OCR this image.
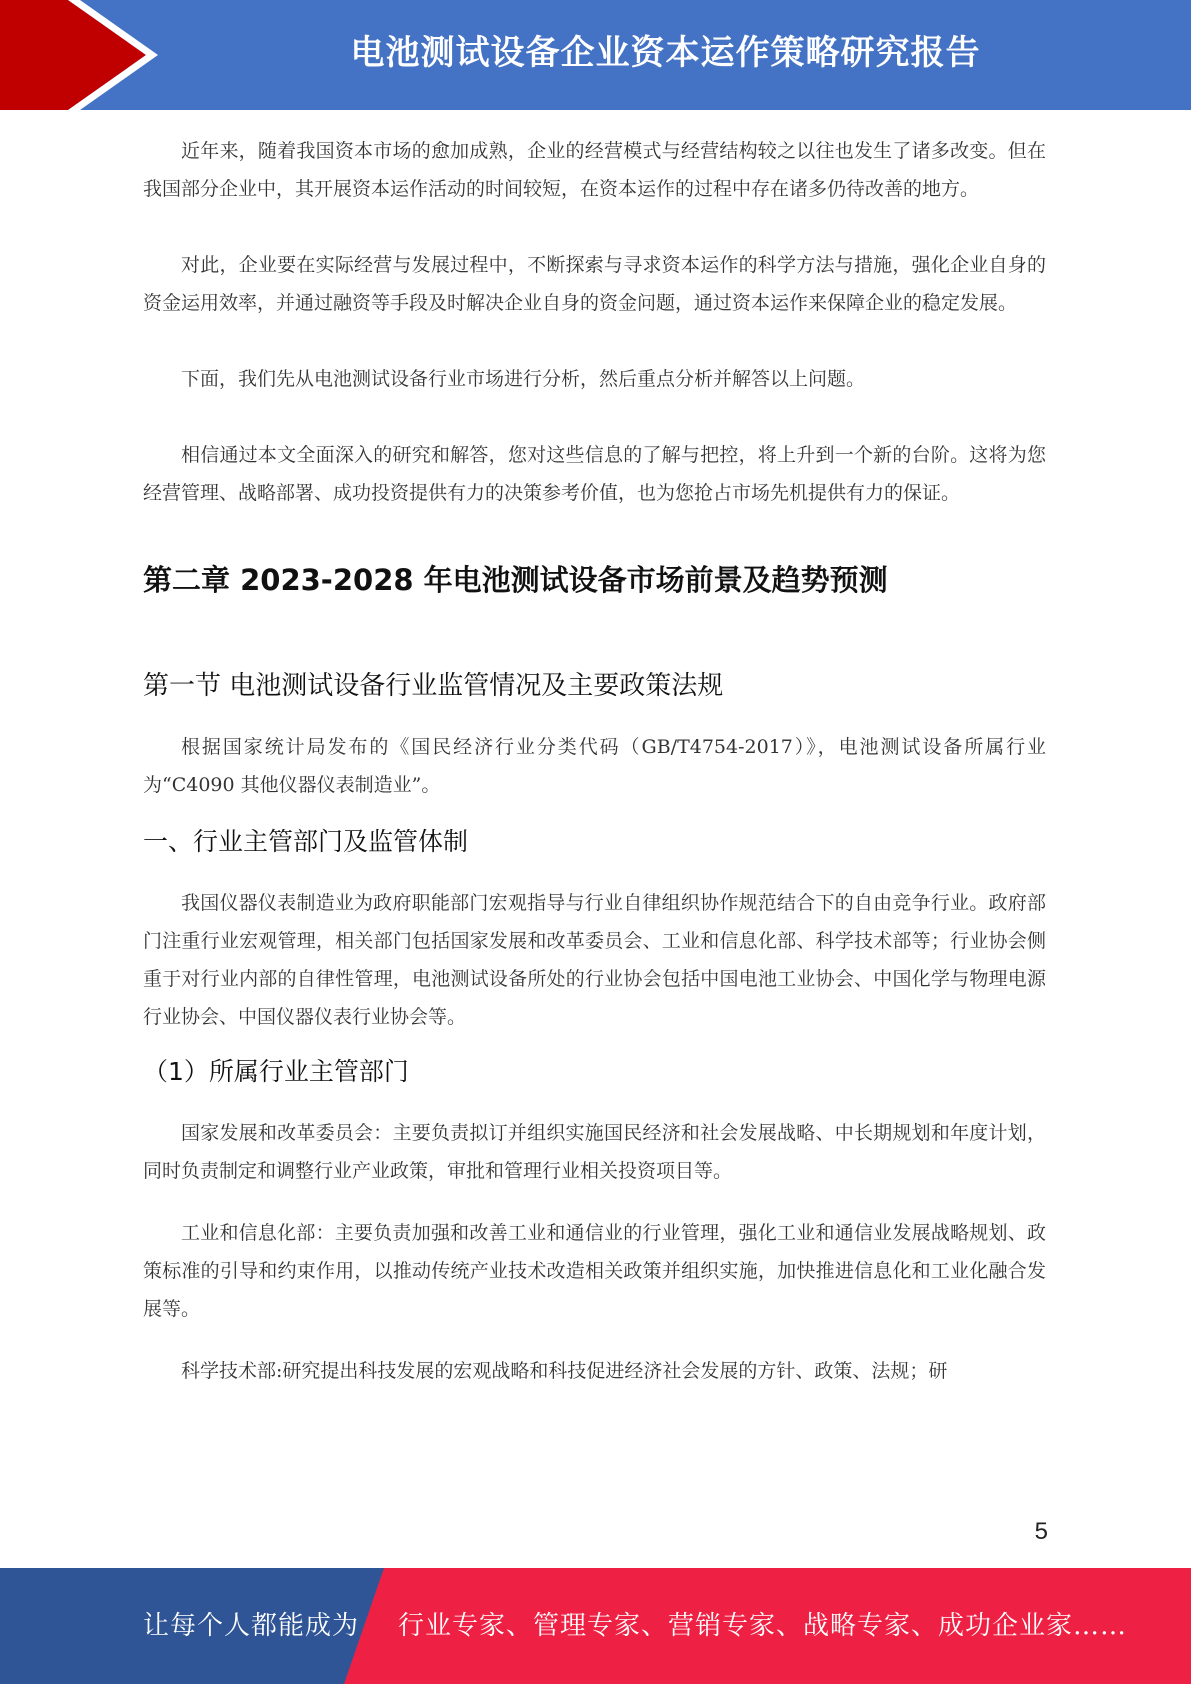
电池测试设备企业资本运作策略研究报告

近年来，随着我国资本市场的愈加成熟，企业的经营模式与经营结构较之以往也发生了诸多改变。但在我国部分企业中，其开展资本运作活动的时间较短，在资本运作的过程中存在诸多仍待改善的地方。

对此，企业要在实际经营与发展过程中，不断探索与寻求资本运作的科学方法与措施，强化企业自身的资金运用效率，并通过融资等手段及时解决企业自身的资金问题，通过资本运作来保障企业的稳定发展。

下面，我们先从电池测试设备行业市场进行分析，然后重点分析并解答以上问题。

相信通过本文全面深入的研究和解答，您对这些信息的了解与把控，将上升到一个新的台阶。这将为您经营管理、战略部署、成功投资提供有力的决策参考价值，也为您抢占市场先机提供有力的保证。

第二章 2023-2028 年电池测试设备市场前景及趋势预测
第一节 电池测试设备行业监管情况及主要政策法规

根据国家统计局发布的《国民经济行业分类代码（GB/T4754-2017）》，电池测试设备所属行业为“C4090 其他仪器仪表制造业”。

一、行业主管部门及监管体制

我国仪器仪表制造业为政府职能部门宏观指导与行业自律组织协作规范结合下的自由竞争行业。政府部门注重行业宏观管理，相关部门包括国家发展和改革委员会、工业和信息化部、科学技术部等；行业协会侧重于对行业内部的自律性管理，电池测试设备所处的行业协会包括中国电池工业协会、中国化学与物理电源行业协会、中国仪器仪表行业协会等。

（1）所属行业主管部门

国家发展和改革委员会：主要负责拟订并组织实施国民经济和社会发展战略、中长期规划和年度计划，同时负责制定和调整行业产业政策，审批和管理行业相关投资项目等。

工业和信息化部：主要负责加强和改善工业和通信业的行业管理，强化工业和通信业发展战略规划、政策标准的引导和约束作用，以推动传统产业技术改造相关政策并组织实施，加快推进信息化和工业化融合发展等。

科学技术部:研究提出科技发展的宏观战略和科技促进经济社会发展的方针、政策、法规；研

5
让每个人都能成为 行业专家、管理专家、营销专家、战略专家、成功企业家……
